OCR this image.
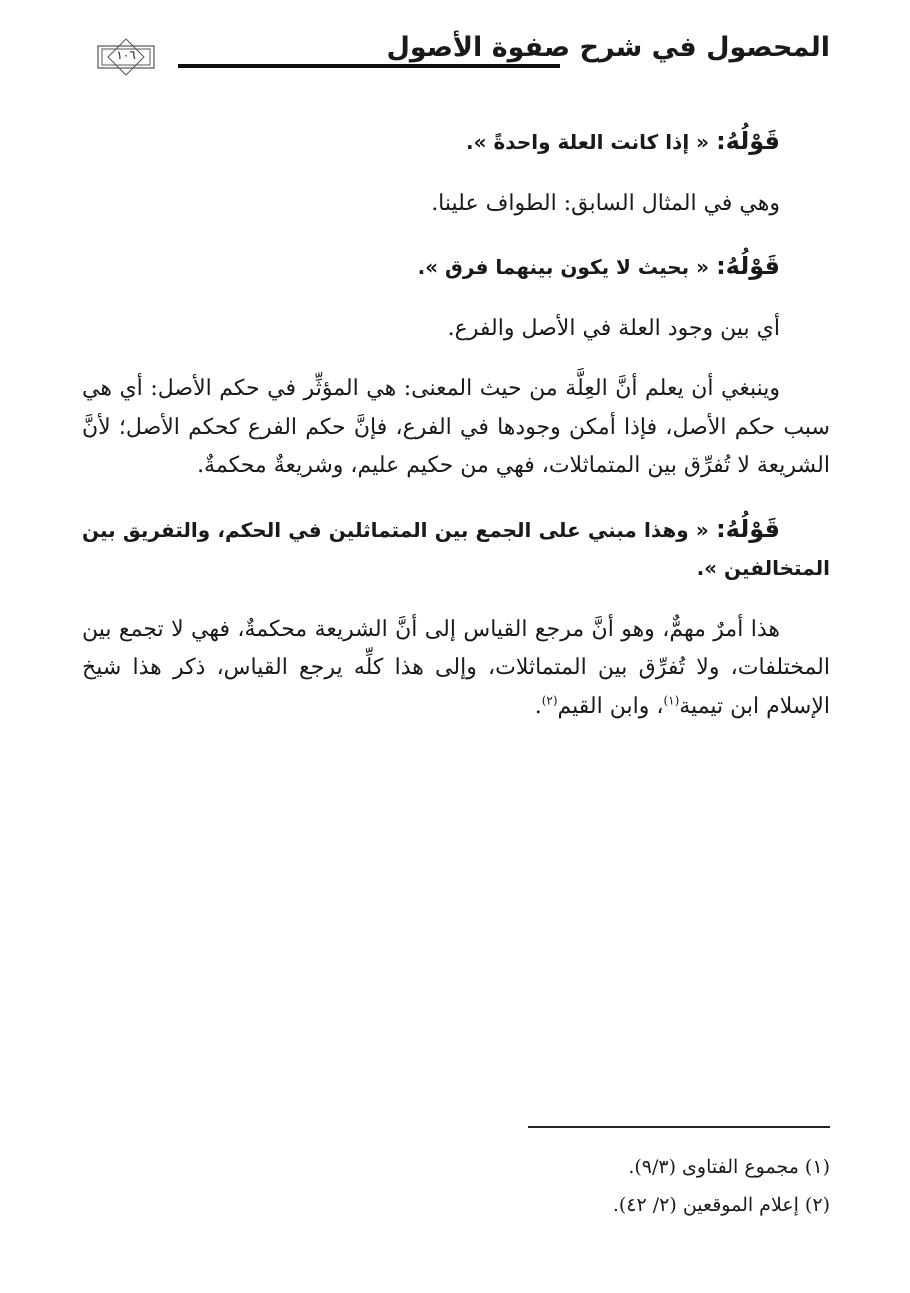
المحصول في شرح صفوة الأصول
١٠٦

قَوْلُهُ: « إذا كانت العلة واحدةً ».

وهي في المثال السابق: الطواف علينا.

قَوْلُهُ: « بحيث لا يكون بينهما فرق ».

أي بين وجود العلة في الأصل والفرع.

وينبغي أن يعلم أنَّ العِلَّة من حيث المعنى: هي المؤثِّر في حكم الأصل: أي هي سبب حكم الأصل، فإذا أمكن وجودها في الفرع، فإنَّ حكم الفرع كحكم الأصل؛ لأنَّ الشريعة لا تُفرِّق بين المتماثلات، فهي من حكيم عليم، وشريعةٌ محكمةٌ.

قَوْلُهُ: « وهذا مبني على الجمع بين المتماثلين في الحكم، والتفريق بين المتخالفين ».

هذا أمرٌ مهمٌّ، وهو أنَّ مرجع القياس إلى أنَّ الشريعة محكمةٌ، فهي لا تجمع بين المختلفات، ولا تُفرِّق بين المتماثلات، وإلى هذا كلِّه يرجع القياس، ذكر هذا شيخ الإسلام ابن تيمية$^{(١)}$، وابن القيم$^{(٢)}$.

(١) مجموع الفتاوى (٩/٣).
(٢) إعلام الموقعين (٢/ ٤٢).
